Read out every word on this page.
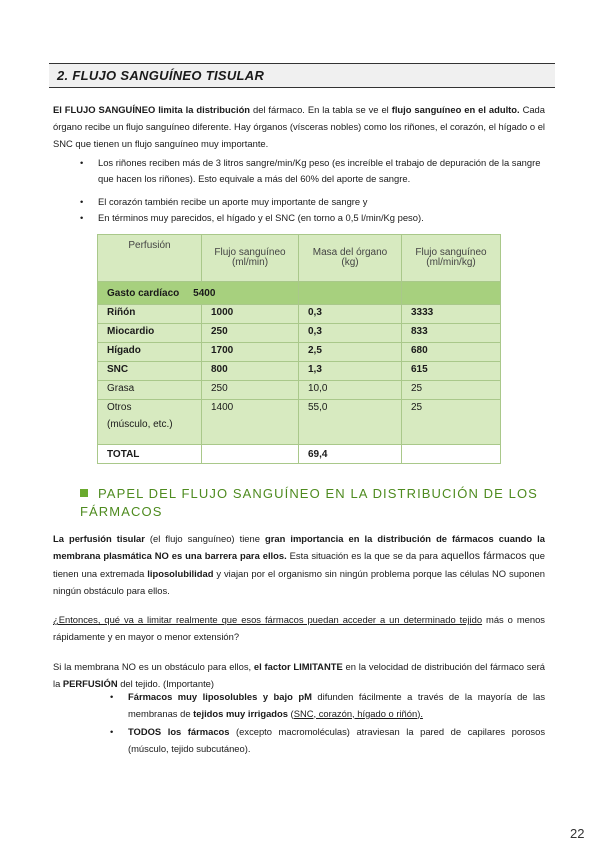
2. FLUJO SANGUÍNEO TISULAR
El FLUJO SANGUÍNEO limita la distribución del fármaco. En la tabla se ve el flujo sanguíneo en el adulto. Cada órgano recibe un flujo sanguíneo diferente. Hay órganos (vísceras nobles) como los riñones, el corazón, el hígado o el SNC que tienen un flujo sanguíneo muy importante.

• Los riñones reciben más de 3 litros sangre/min/Kg peso (es increíble el trabajo de depuración de la sangre que hacen los riñones). Esto equivale a más del 60% del aporte de sangre.

• El corazón también recibe un aporte muy importante de sangre y

• En términos muy parecidos, el hígado y el SNC (en torno a 0,5 l/min/Kg peso).

Perfusión	Flujo sanguíneo (ml/min)	Masa del órgano (kg)	Flujo sanguíneo (ml/min/kg)
Gasto cardíaco     5400			
Riñón	1000	0,3	3333
Miocardio	250	0,3	833
Hígado	1700	2,5	680
SNC	800	1,3	615
Grasa	250	10,0	25

Otros
(músculo, etc.)	1400	55,0	25
TOTAL		69,4	
PAPEL DEL FLUJO SANGUÍNEO EN LA DISTRIBUCIÓN DE LOS FÁRMACOS
La perfusión tisular (el flujo sanguíneo) tiene gran importancia en la distribución de fármacos cuando la membrana plasmática NO es una barrera para ellos. Esta situación es la que se da para aquellos fármacos que tienen una extremada liposolubilidad y viajan por el organismo sin ningún problema porque las células NO suponen ningún obstáculo para ellos.
¿Entonces, qué va a limitar realmente que esos fármacos puedan acceder a un determinado tejido más o menos rápidamente y en mayor o menor extensión?
Si la membrana NO es un obstáculo para ellos, el factor LIMITANTE en la velocidad de distribución del fármaco será la PERFUSIÓN del tejido. (Importante)

• Fármacos muy liposolubles y bajo pM difunden fácilmente a través de la mayoría de las membranas de tejidos muy irrigados (SNC, corazón, hígado o riñón).

• TODOS los fármacos (excepto macromoléculas) atraviesan la pared de capilares porosos (músculo, tejido subcutáneo).

22
